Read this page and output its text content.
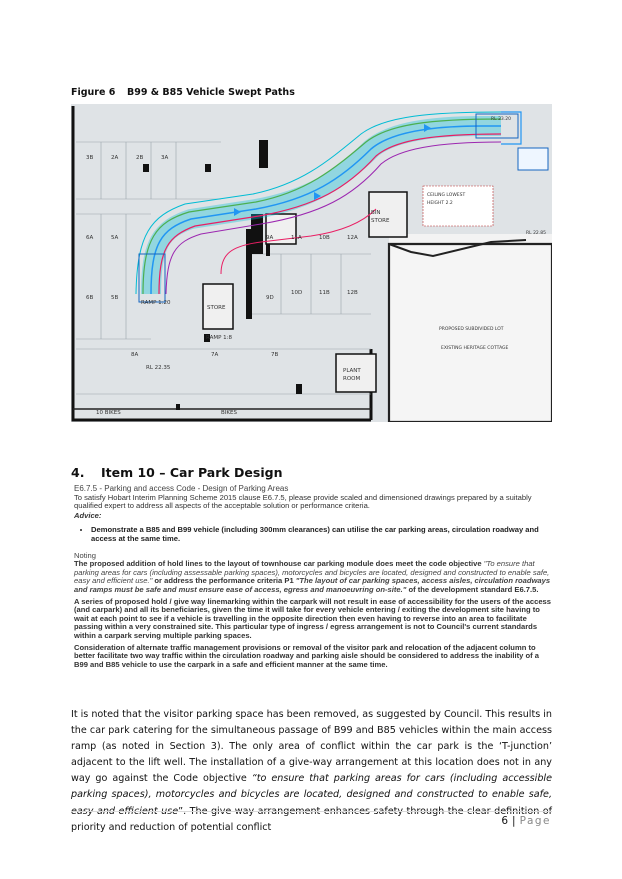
Figure 6 B99 & B85 Vehicle Swept Paths
3B	2A	2B	3A
6A	5A
6B	5B	9D
10D	11B	12B
9A	11A	10B	12A
8A	7A	7B
STORE
BIN
STORE
PLANT
ROOM
10 BIKES	BIKES
RAMP 1:20
RAMP 1:8
RL 22.35
RL 23.20
RL 22.85
CEILING LOWEST
HEIGHT 2.2
PROPOSED SUBDIVIDED LOT
EXISTING HERITAGE COTTAGE
4. Item 10 – Car Park Design

E6.7.5 - Parking and access Code - Design of Parking Areas

To satisfy Hobart Interim Planning Scheme 2015 clause E6.7.5, please provide scaled and dimensioned drawings prepared by a suitably qualified expert to address all aspects of the acceptable solution or performance criteria.

Advice:

• Demonstrate a B85 and B99 vehicle (including 300mm clearances) can utilise the car parking areas, circulation roadway and access at the same time.

Noting

The proposed addition of hold lines to the layout of townhouse car parking module does meet the code objective "To ensure that parking areas for cars (including assessable parking spaces), motorcycles and bicycles are located, designed and constructed to enable safe, easy and efficient use." or address the performance criteria P1 "The layout of car parking spaces, access aisles, circulation roadways and ramps must be safe and must ensure ease of access, egress and manoeuvring on-site." of the development standard E6.7.5.

A series of proposed hold / give way linemarking within the carpark will not result in ease of accessibility for the users of the access (and carpark) and all its beneficiaries, given the time it will take for every vehicle entering / exiting the development site having to wait at each point to see if a vehicle is travelling in the opposite direction then even having to reverse into an area to facilitate passing within a very constrained site. This particular type of ingress / egress arrangement is not to Council's current standards within a carpark serving multiple parking spaces.

Consideration of alternate traffic management provisions or removal of the visitor park and relocation of the adjacent column to better facilitate two way traffic within the circulation roadway and parking aisle should be considered to address the inability of a B99 and B85 vehicle to use the carpark in a safe and efficient manner at the same time.

It is noted that the visitor parking space has been removed, as suggested by Council. This results in the car park catering for the simultaneous passage of B99 and B85 vehicles within the main access ramp (as noted in Section 3). The only area of conflict within the car park is the ‘T-junction’ adjacent to the lift well. The installation of a give-way arrangement at this location does not in any way go against the Code objective “to ensure that parking areas for cars (including accessible parking spaces), motorcycles and bicycles are located, designed and constructed to enable safe, easy and efficient use”. The give way arrangement enhances safety through the clear definition of priority and reduction of potential conflict
6 | Page
